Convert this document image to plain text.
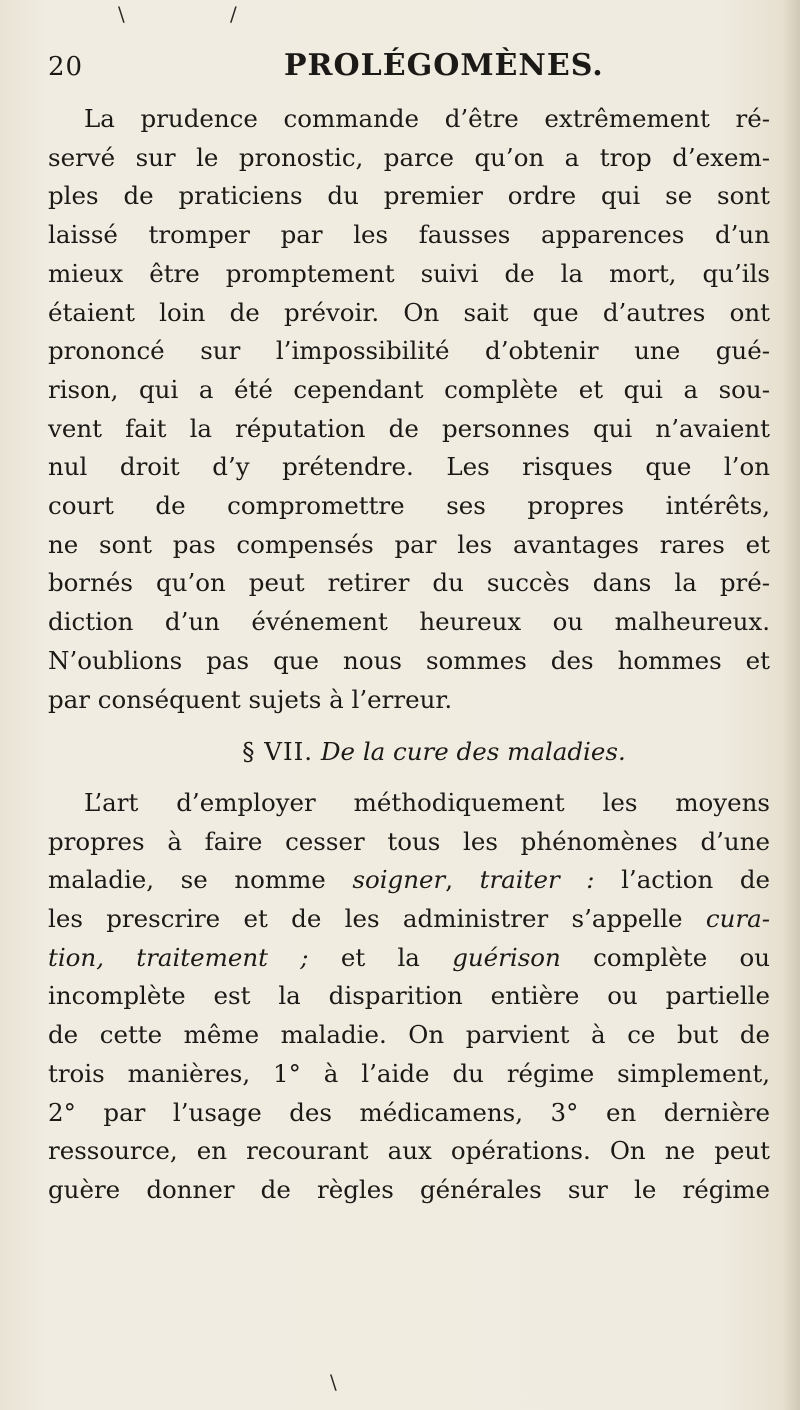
\	/
\
20	PROLÉGOMÈNES.
La prudence commande d’être extrêmement ré-
servé sur le pronostic, parce qu’on a trop d’exem-
ples de praticiens du premier ordre qui se sont
laissé tromper par les fausses apparences d’un
mieux être promptement suivi de la mort, qu’ils
étaient loin de prévoir. On sait que d’autres ont
prononcé sur l’impossibilité d’obtenir une gué-
rison, qui a été cependant complète et qui a sou-
vent fait la réputation de personnes qui n’avaient
nul droit d’y prétendre. Les risques que l’on
court de compromettre ses propres intérêts,
ne sont pas compensés par les avantages rares et
bornés qu’on peut retirer du succès dans la pré-
diction d’un événement heureux ou malheureux.
N’oublions pas que nous sommes des hommes et
par conséquent sujets à l’erreur.
§ VII. De la cure des maladies.
L’art d’employer méthodiquement les moyens
propres à faire cesser tous les phénomènes d’une
maladie, se nomme soigner, traiter : l’action de
les prescrire et de les administrer s’appelle cura-
tion, traitement ; et la guérison complète ou
incomplète est la disparition entière ou partielle
de cette même maladie. On parvient à ce but de
trois manières, 1° à l’aide du régime simplement,
2° par l’usage des médicamens, 3° en dernière
ressource, en recourant aux opérations. On ne peut
guère donner de règles générales sur le régime
